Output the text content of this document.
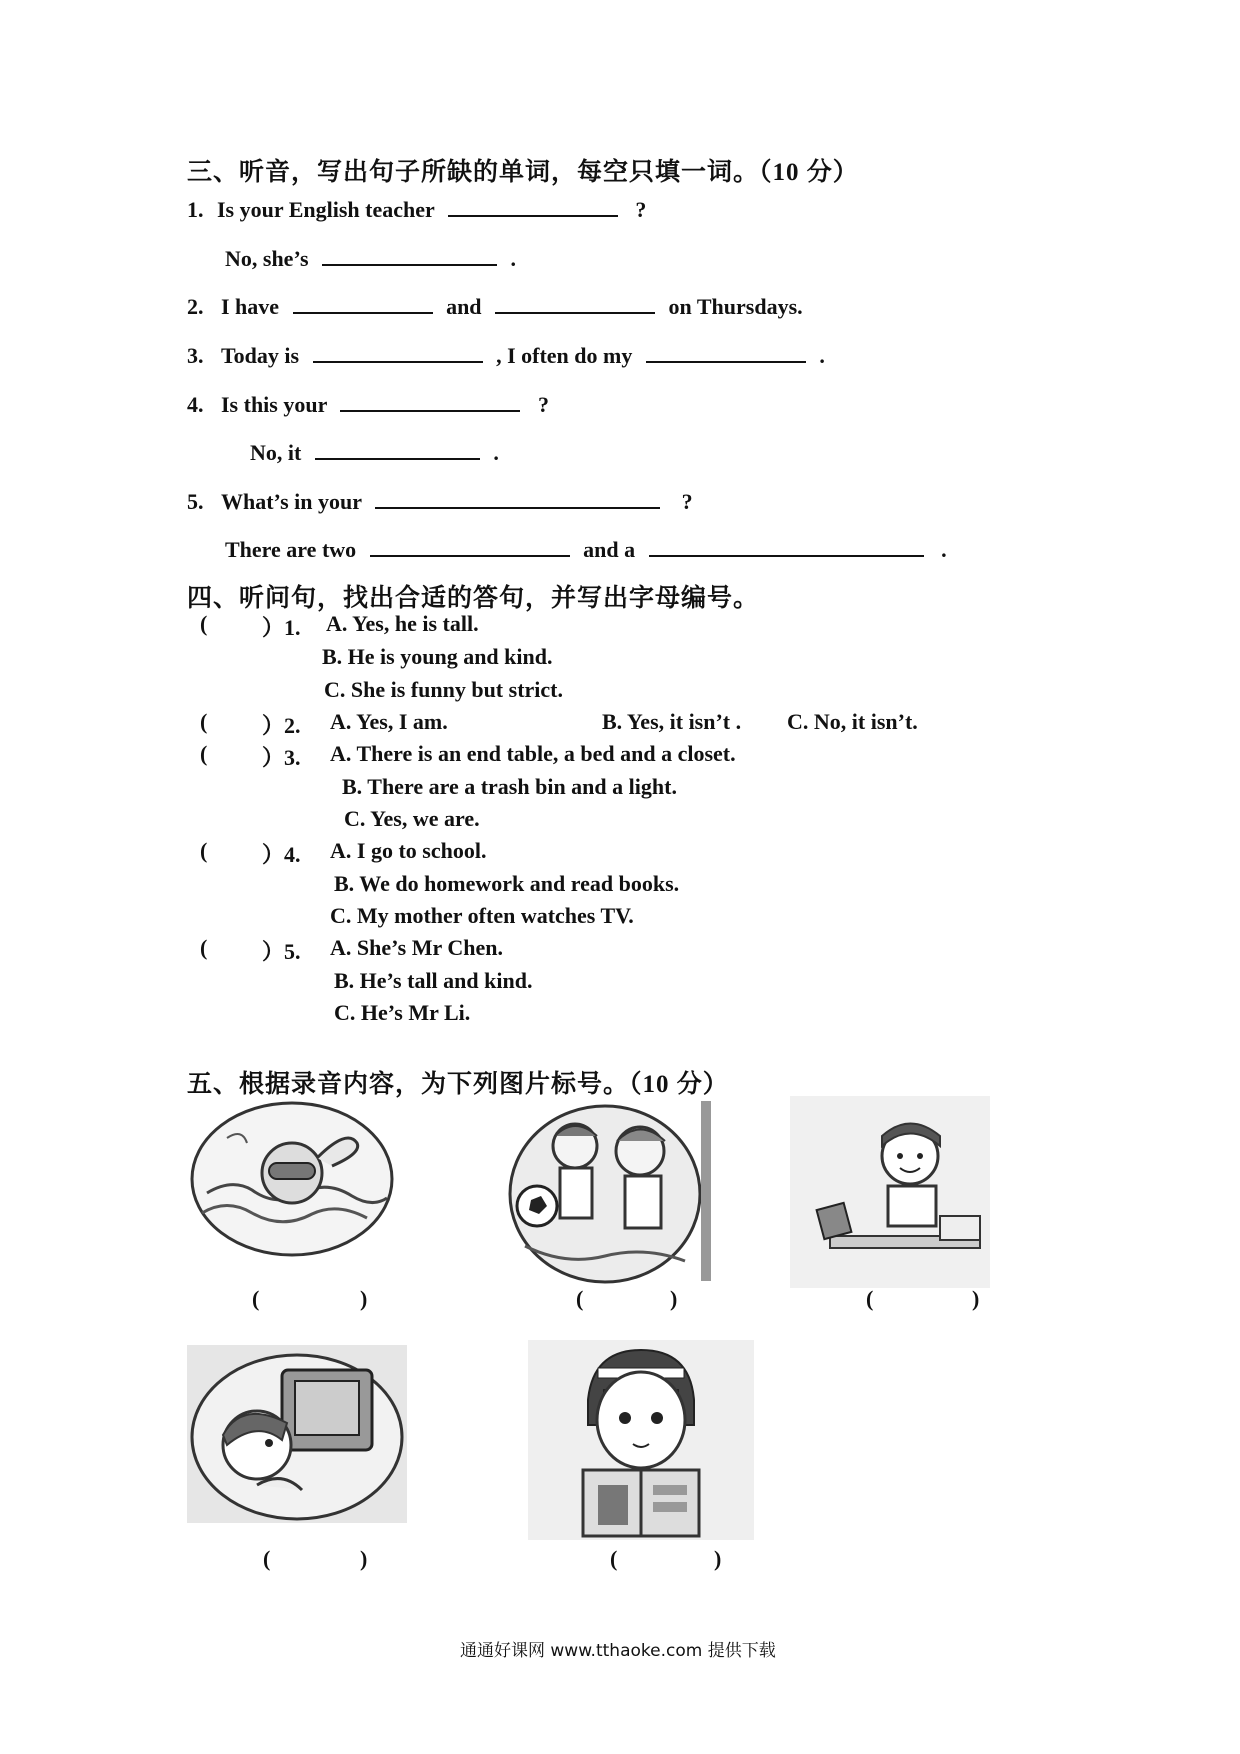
三、听音，写出句子所缺的单词，每空只填一词。（10 分）
1. Is your English teacher	?
No, she’s	.
2. I have	and	on Thursdays.
3. Today is	, I often do my	.
4. Is this your	?
No, it	.
5. What’s in your	?
There are two	and a	.
四、听问句，找出合适的答句，并写出字母编号。
( ）1. A. Yes, he is tall.
B. He is young and kind.
C. She is funny but strict.
( ）2. A. Yes, I am.	B. Yes, it isn’t . C. No, it isn’t.
( ）3. A. There is an end table, a bed and a closet.
B. There are a trash bin and a light.
C. Yes, we are.
( ）4. A. I go to school.
B. We do homework and read books.
C. My mother often watches TV.
( ）5. A. She’s Mr Chen.
B. He’s tall and kind.
C. He’s Mr Li.
五、根据录音内容，为下列图片标号。（10 分）
(	)	(	)	(	)
(	)	(	)
通通好课网 www.tthaoke.com 提供下载
